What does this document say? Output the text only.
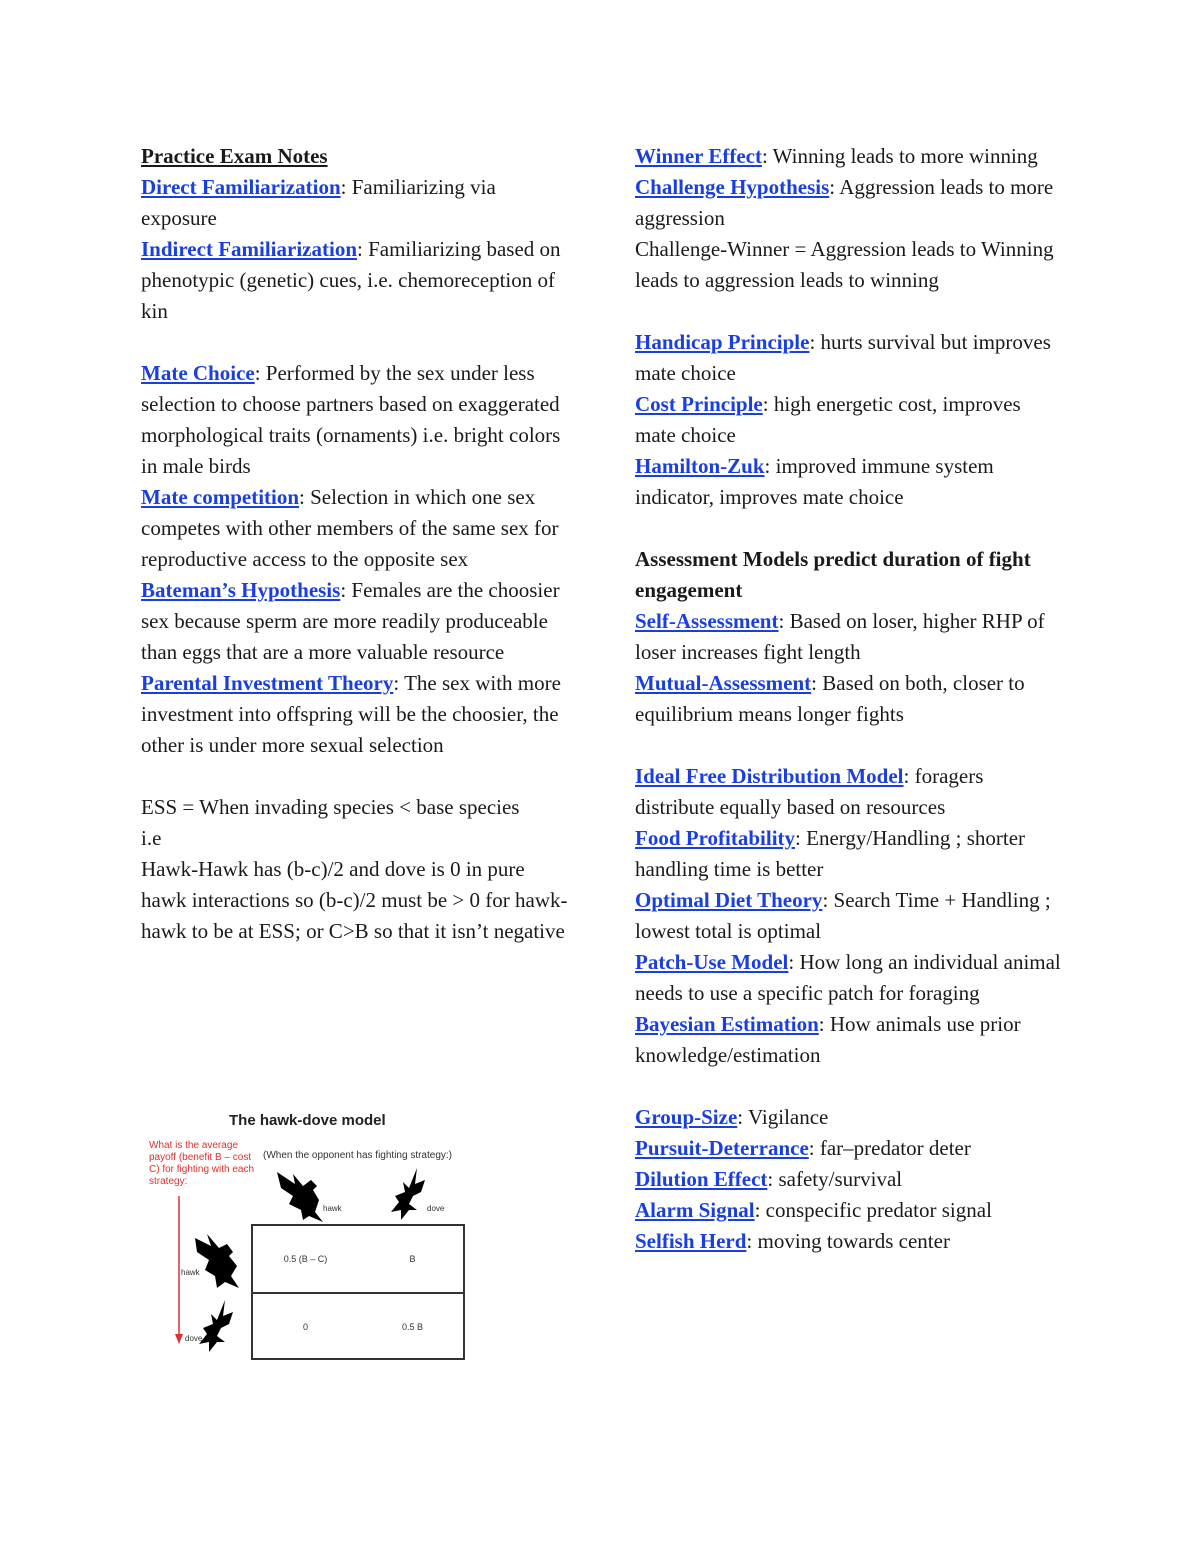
Practice Exam Notes

Direct Familiarization: Familiarizing via exposure

Indirect Familiarization: Familiarizing based on phenotypic (genetic) cues, i.e. chemoreception of kin

Mate Choice: Performed by the sex under less selection to choose partners based on exaggerated morphological traits (ornaments) i.e. bright colors in male birds

Mate competition: Selection in which one sex competes with other members of the same sex for reproductive access to the opposite sex

Bateman’s Hypothesis: Females are the choosier sex because sperm are more readily produceable than eggs that are a more valuable resource

Parental Investment Theory: The sex with more investment into offspring will be the choosier, the other is under more sexual selection

ESS = When invading species < base species

i.e

Hawk-Hawk has (b-c)/2 and dove is 0 in pure hawk interactions so (b-c)/2 must be > 0 for hawk-hawk to be at ESS; or C>B so that it isn’t negative

The hawk-dove model
What is the average payoff (benefit B – cost C) for fighting with each strategy:
(When the opponent has fighting strategy:)
hawk	dove
hawk
dove
0.5 (B – C)	B
0	0.5 B

Winner Effect: Winning leads to more winning

Challenge Hypothesis: Aggression leads to more aggression

Challenge-Winner = Aggression leads to Winning leads to aggression leads to winning

Handicap Principle: hurts survival but improves mate choice

Cost Principle: high energetic cost, improves mate choice

Hamilton-Zuk: improved immune system indicator, improves mate choice

Assessment Models predict duration of fight engagement

Self-Assessment: Based on loser, higher RHP of loser increases fight length

Mutual-Assessment: Based on both, closer to equilibrium means longer fights

Ideal Free Distribution Model: foragers distribute equally based on resources

Food Profitability: Energy/Handling ; shorter handling time is better

Optimal Diet Theory: Search Time + Handling ; lowest total is optimal

Patch-Use Model: How long an individual animal needs to use a specific patch for foraging

Bayesian Estimation: How animals use prior knowledge/estimation

Group-Size: Vigilance

Pursuit-Deterrance: far–predator deter

Dilution Effect: safety/survival

Alarm Signal: conspecific predator signal

Selfish Herd: moving towards center
